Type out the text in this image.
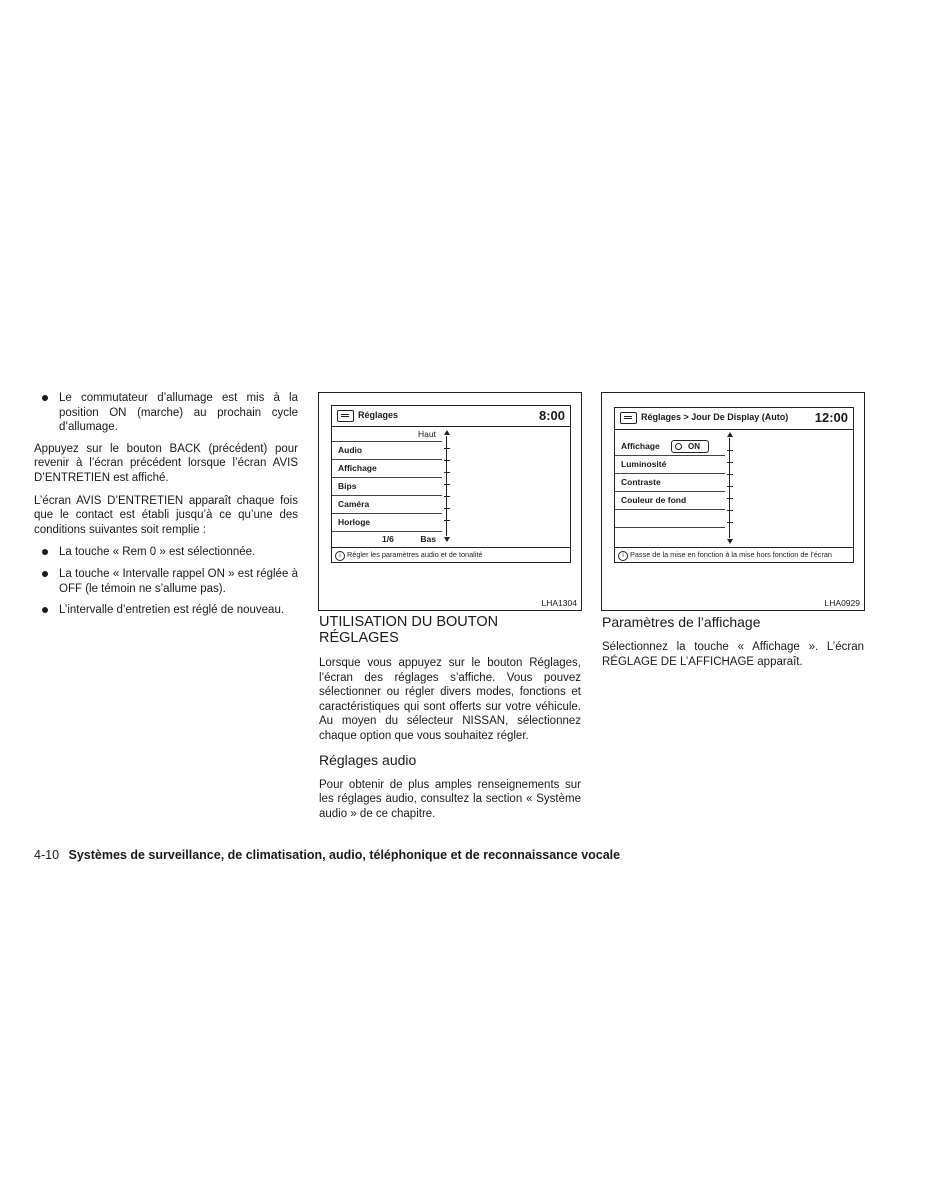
Le commutateur d’allumage est mis à la position ON (marche) au prochain cycle d’allumage.

Appuyez sur le bouton BACK (précédent) pour revenir à l’écran précédent lorsque l’écran AVIS D’ENTRETIEN est affiché.

L’écran AVIS D’ENTRETIEN apparaît chaque fois que le contact est établi jusqu’à ce qu’une des conditions suivantes soit remplie :

La touche « Rem 0 » est sélectionnée.
La touche « Intervalle rappel ON » est réglée à OFF (le témoin ne s’allume pas).
L’intervalle d’entretien est réglé de nouveau.
Réglages	8:00
Haut
Audio
Affichage
Bips
Caméra
Horloge
1/6	Bas
i Régler les paramètres audio et de tonalité
LHA1304
Réglages > Jour De Display (Auto) 12:00
Affichage	ON
Luminosité
Contraste
Couleur de fond
i Passe de la mise en fonction à la mise hors fonction de l’écran
LHA0929
UTILISATION DU BOUTON RÉGLAGES

Lorsque vous appuyez sur le bouton Réglages, l’écran des réglages s’affiche. Vous pouvez sélectionner ou régler divers modes, fonctions et caractéristiques qui sont offerts sur votre véhicule. Au moyen du sélecteur NISSAN, sélectionnez chaque option que vous souhaitez régler.

Réglages audio

Pour obtenir de plus amples renseignements sur les réglages audio, consultez la section « Système audio » de ce chapitre.

Paramètres de l’affichage

Sélectionnez la touche « Affichage ». L’écran RÉGLAGE DE L’AFFICHAGE apparaît.

4-10 Systèmes de surveillance, de climatisation, audio, téléphonique et de reconnaissance vocale
